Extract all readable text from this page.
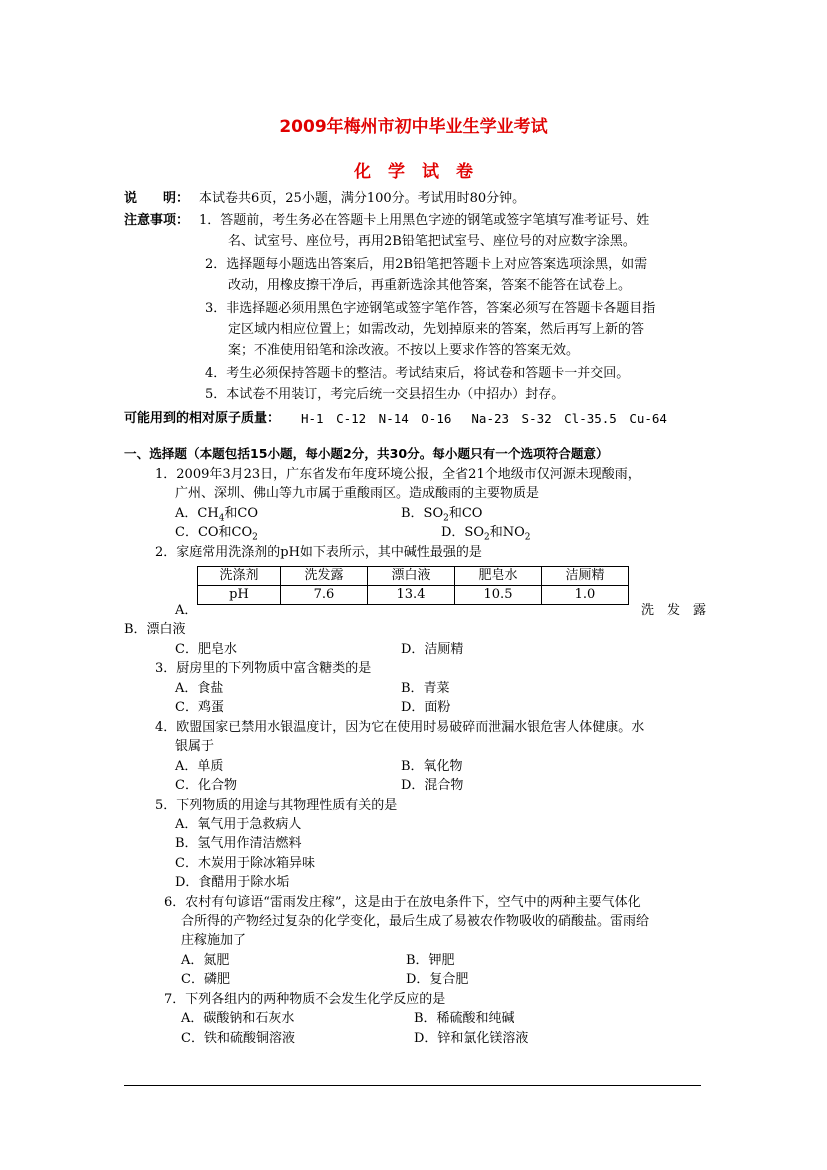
2009年梅州市初中毕业生学业考试
化　学　试　卷
说　　明： 本试卷共6页，25小题，满分100分。考试用时80分钟。
注意事项： 1．答题前，考生务必在答题卡上用黑色字迹的钢笔或签字笔填写准考证号、姓
名、试室号、座位号，再用2B铅笔把试室号、座位号的对应数字涂黑。
2．选择题每小题选出答案后，用2B铅笔把答题卡上对应答案选项涂黑，如需
改动，用橡皮擦干净后，再重新选涂其他答案，答案不能答在试卷上。
3．非选择题必须用黑色字迹钢笔或签字笔作答，答案必须写在答题卡各题目指
定区域内相应位置上；如需改动，先划掉原来的答案，然后再写上新的答
案；不准使用铅笔和涂改液。不按以上要求作答的答案无效。
4．考生必须保持答题卡的整洁。考试结束后，将试卷和答题卡一并交回。
5．本试卷不用装订，考完后统一交县招生办（中招办）封存。
可能用到的相对原子质量： H-1　C-12　N-14　O-16　 Na-23　S-32　Cl-35.5　Cu-64
一、选择题（本题包括15小题，每小题2分，共30分。每小题只有一个选项符合题意）
1．2009年3月23日，广东省发布年度环境公报，全省21个地级市仅河源未现酸雨，
广州、深圳、佛山等九市属于重酸雨区。造成酸雨的主要物质是
A．$CH_4$和CO	B．$SO_2$和CO
C．CO和$CO_2$	D．$SO_2$和$NO_2$
2．家庭常用洗涤剂的pH如下表所示，其中碱性最强的是
洗涤剂	洗发露	漂白液	肥皂水	洁厕精
pH	7.6	13.4	10.5	1.0
A．	洗　发　露
B．漂白液
C．肥皂水	D．洁厕精
3．厨房里的下列物质中富含糖类的是
A．食盐	B．青菜
C．鸡蛋	D．面粉
4．欧盟国家已禁用水银温度计，因为它在使用时易破碎而泄漏水银危害人体健康。水
银属于
A．单质	B．氧化物
C．化合物	D．混合物
5．下列物质的用途与其物理性质有关的是
A．氧气用于急救病人
B．氢气用作清洁燃料
C．木炭用于除冰箱异味
D．食醋用于除水垢
6．农村有句谚语“雷雨发庄稼”，这是由于在放电条件下，空气中的两种主要气体化
合所得的产物经过复杂的化学变化，最后生成了易被农作物吸收的硝酸盐。雷雨给
庄稼施加了
A．氮肥	B．钾肥
C．磷肥	D．复合肥
7．下列各组内的两种物质不会发生化学反应的是
A．碳酸钠和石灰水	B．稀硫酸和纯碱
C．铁和硫酸铜溶液	D．锌和氯化镁溶液
